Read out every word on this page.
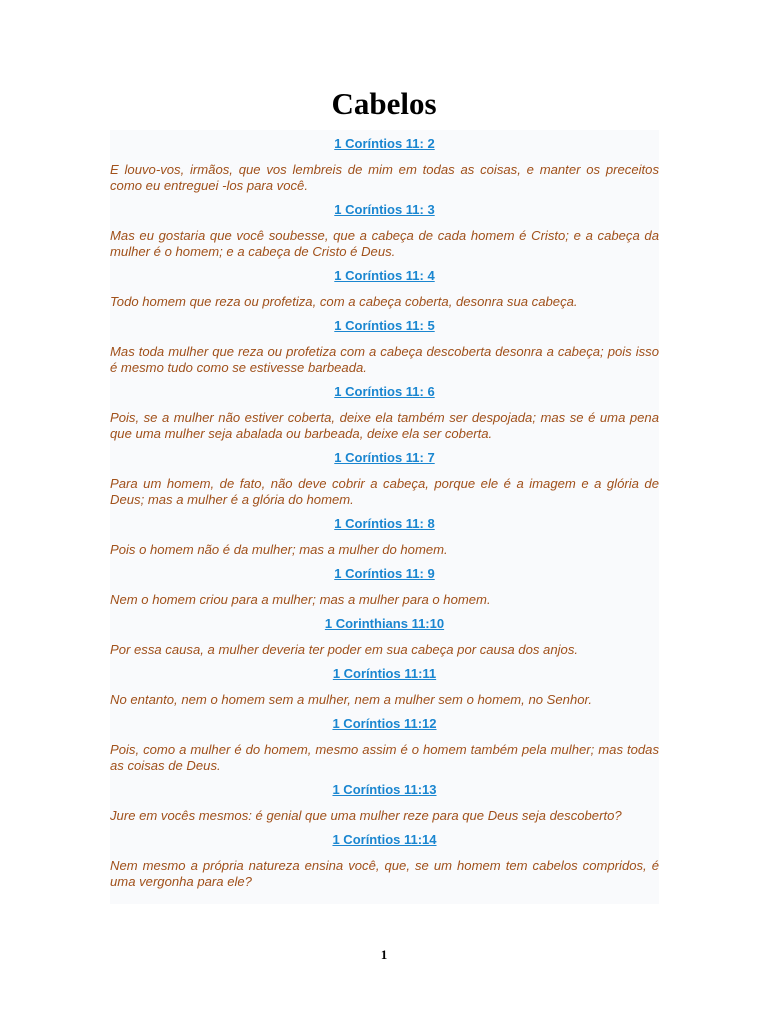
Cabelos
1 Coríntios 11: 2

E louvo-vos, irmãos, que vos lembreis de mim em todas as coisas, e manter os preceitos como eu entreguei -los para você.

1 Coríntios 11: 3

Mas eu gostaria que você soubesse, que a cabeça de cada homem é Cristo; e a cabeça da mulher é o homem; e a cabeça de Cristo é Deus.

1 Coríntios 11: 4

Todo homem que reza ou profetiza, com a cabeça coberta, desonra sua cabeça.

1 Coríntios 11: 5

Mas toda mulher que reza ou profetiza com a cabeça descoberta desonra a cabeça; pois isso é mesmo tudo como se estivesse barbeada.

1 Coríntios 11: 6

Pois, se a mulher não estiver coberta, deixe ela também ser despojada; mas se é uma pena que uma mulher seja abalada ou barbeada, deixe ela ser coberta.

1 Coríntios 11: 7

Para um homem, de fato, não deve cobrir a cabeça, porque ele é a imagem e a glória de Deus; mas a mulher é a glória do homem.

1 Coríntios 11: 8

Pois o homem não é da mulher; mas a mulher do homem.

1 Coríntios 11: 9

Nem o homem criou para a mulher; mas a mulher para o homem.

1 Corinthians 11:10

Por essa causa, a mulher deveria ter poder em sua cabeça por causa dos anjos.

1 Coríntios 11:11

No entanto, nem o homem sem a mulher, nem a mulher sem o homem, no Senhor.

1 Coríntios 11:12

Pois, como a mulher é do homem, mesmo assim é o homem também pela mulher; mas todas as coisas de Deus.

1 Coríntios 11:13

Jure em vocês mesmos: é genial que uma mulher reze para que Deus seja descoberto?

1 Coríntios 11:14

Nem mesmo a própria natureza ensina você, que, se um homem tem cabelos compridos, é uma vergonha para ele?

1
